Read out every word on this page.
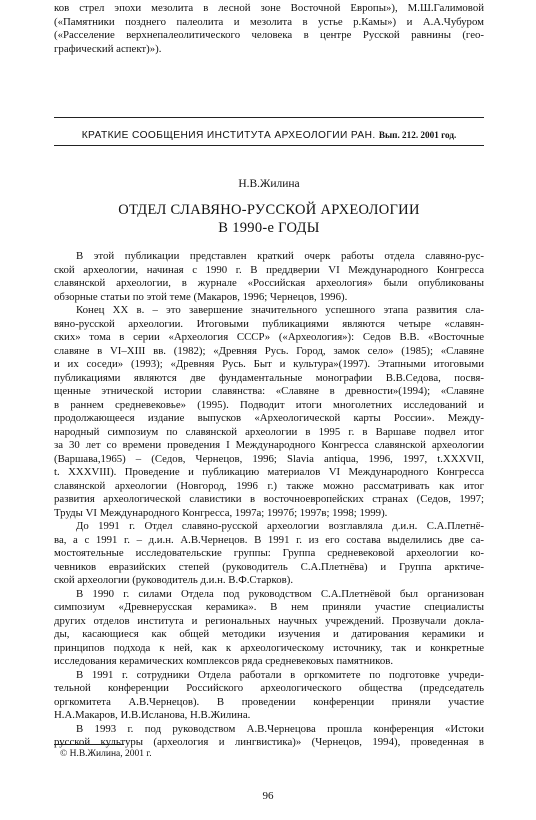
ков стрел эпохи мезолита в лесной зоне Восточной Европы»), М.Ш.Галимовой
(«Памятники позднего палеолита и мезолита в устье р.Камы») и А.А.Чубуром
(«Расселение верхнепалеолитического человека в центре Русской равнины (гео-
графический аспект)»).
КРАТКИЕ СООБЩЕНИЯ ИНСТИТУТА АРХЕОЛОГИИ РАН. Вып. 212. 2001 год.
Н.В.Жилина
ОТДЕЛ СЛАВЯНО-РУССКОЙ АРХЕОЛОГИИ
В 1990-е ГОДЫ
В этой публикации представлен краткий очерк работы отдела славяно-рус-
ской археологии, начиная с 1990 г. В преддверии VI Международного Конгресса
славянской археологии, в журнале «Российская археология» были опубликованы
обзорные статьи по этой теме (Макаров, 1996; Чернецов, 1996).
Конец XX в. – это завершение значительного успешного этапа развития сла-
вяно-русской археологии. Итоговыми публикациями являются четыре «славян-
ских» тома в серии «Археология СССР» («Археология»): Седов В.В. «Восточные
славяне в VI–XIII вв. (1982); «Древняя Русь. Город, замок село» (1985); «Славяне
и их соседи» (1993); «Древняя Русь. Быт и культура»(1997). Этапными итоговыми
публикациями являются две фундаментальные монографии В.В.Седова, посвя-
щенные этнической истории славянства: «Славяне в древности»(1994); «Славяне
в раннем средневековье» (1995). Подводит итоги многолетних исследований и
продолжающееся издание выпусков «Археологической карты России». Между-
народный симпозиум по славянской археологии в 1995 г. в Варшаве подвел итог
за 30 лет со времени проведения I Международного Конгресса славянской археологии (Варшава,1965) – (Седов, Чернецов, 1996; Slavia antiqua, 1996, 1997, t.XXXVII,
t. XXXVIII). Проведение и публикацию материалов VI Международного Конгресса
славянской археологии (Новгород, 1996 г.) также можно рассматривать как итог
развития археологической славистики в восточноевропейских странах (Седов, 1997;
Труды VI Международного Конгресса, 1997а; 1997б; 1997в; 1998; 1999).
До 1991 г. Отдел славяно-русской археологии возглавляла д.и.н. С.А.Плетнё-
ва, а с 1991 г. – д.и.н. А.В.Чернецов. В 1991 г. из его состава выделились две са-
мостоятельные исследовательские группы: Группа средневековой археологии ко-
чевников евразийских степей (руководитель С.А.Плетнёва) и Группа арктиче-
ской археологии (руководитель д.и.н. В.Ф.Старков).
В 1990 г. силами Отдела под руководством С.А.Плетнёвой был организован
симпозиум «Древнерусская керамика». В нем приняли участие специалисты
других отделов института и региональных научных учреждений. Прозвучали докла-
ды, касающиеся как общей методики изучения и датирования керамики и
принципов подхода к ней, как к археологическому источнику, так и конкретные
исследования керамических комплексов ряда средневековых памятников.
В 1991 г. сотрудники Отдела работали в оргкомитете по подготовке учреди-
тельной конференции Российского археологического общества (председатель
оргкомитета А.В.Чернецов). В проведении конференции приняли участие
Н.А.Макаров, И.В.Исланова, Н.В.Жилина.
В 1993 г. под руководством А.В.Чернецова прошла конференция «Истоки
русской культуры (археология и лингвистика)» (Чернецов, 1994), проведенная в
© Н.В.Жилина, 2001 г.
96
